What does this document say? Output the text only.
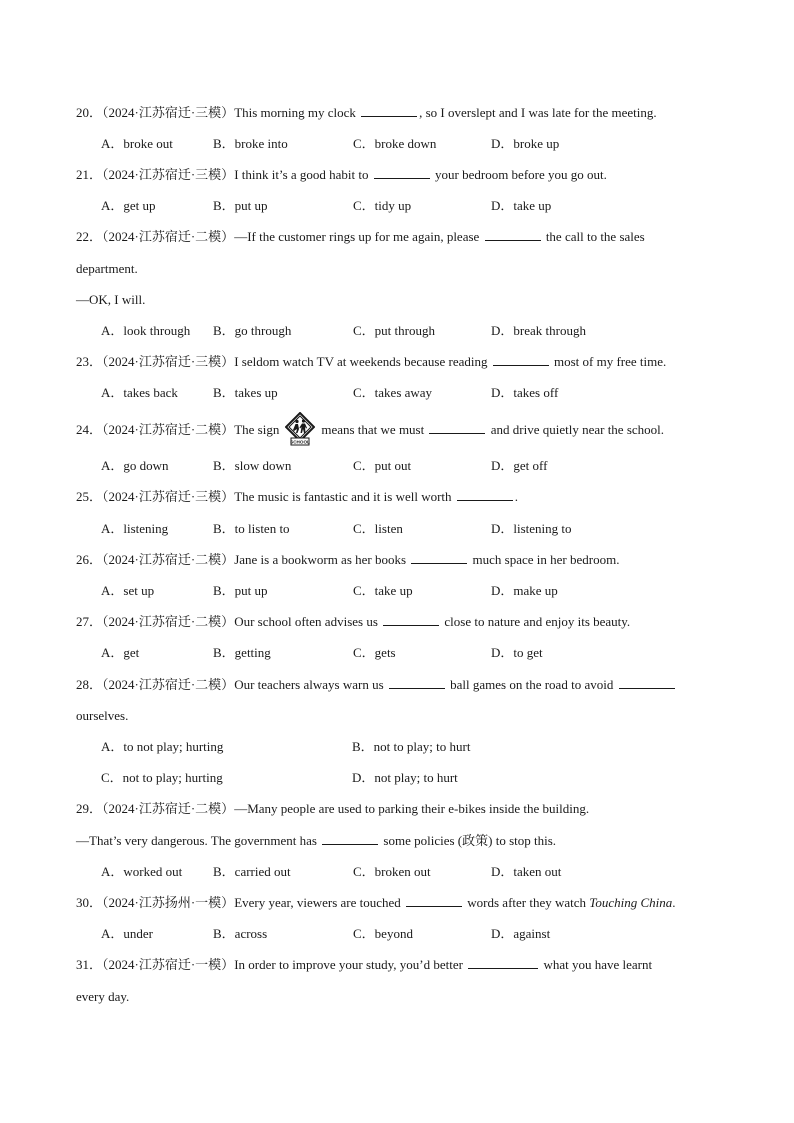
20．（2024·江苏宿迁·三模）This morning my clock	, so I overslept and I was late for the meeting.
A．broke out	B．broke into	C．broke down	D．broke up
21．（2024·江苏宿迁·三模）I think it’s a good habit to	your bedroom before you go out.
A．get up	B．put up	C．tidy up	D．take up
22．（2024·江苏宿迁·二模）—If the customer rings up for me again, please	the call to the sales
department.
—OK, I will.
A．look through B．go through	C．put through	D．break through
23．（2024·江苏宿迁·三模）I seldom watch TV at weekends because reading	most of my free time.
A．takes back	B．takes up	C．takes away	D．takes off
24．（2024·江苏宿迁·二模）The sign
SCHOOL
means that we must	and drive quietly near the school.
A．go down	B．slow down	C．put out	D．get off
25．（2024·江苏宿迁·三模）The music is fantastic and it is well worth	.
A．listening	B．to listen to	C．listen	D．listening to
26．（2024·江苏宿迁·二模）Jane is a bookworm as her books	much space in her bedroom.
A．set up	B．put up	C．take up	D．make up
27．（2024·江苏宿迁·二模）Our school often advises us	close to nature and enjoy its beauty.
A．get	B．getting	C．gets	D．to get
28．（2024·江苏宿迁·二模）Our teachers always warn us	ball games on the road to avoid
ourselves.
A．to not play; hurting	B．not to play; to hurt
C．not to play; hurting	D．not play; to hurt
29．（2024·江苏宿迁·二模）—Many people are used to parking their e-bikes inside the building.
—That’s very dangerous. The government has	some policies (政策) to stop this.
A．worked out B．carried out	C．broken out	D．taken out
30．（2024·江苏扬州·一模）Every year, viewers are touched	words after they watch Touching China.
A．under	B．across	C．beyond	D．against
31．（2024·江苏宿迁·一模）In order to improve your study, you’d better	what you have learnt
every day.
